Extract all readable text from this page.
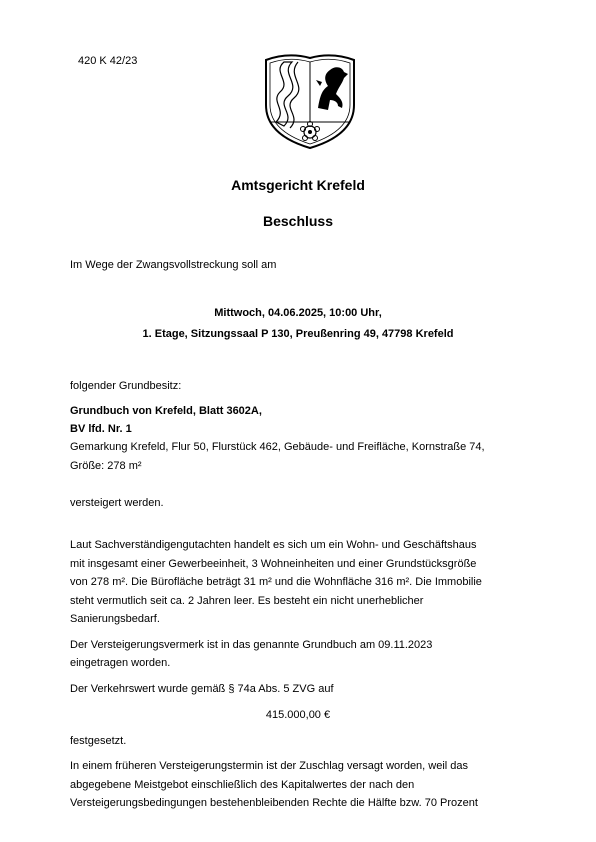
420 K 42/23
Amtsgericht Krefeld
Beschluss
Im Wege der Zwangsvollstreckung soll am
Mittwoch, 04.06.2025, 10:00 Uhr,
1. Etage, Sitzungssaal P 130, Preußenring 49, 47798 Krefeld
folgender Grundbesitz:
Grundbuch von Krefeld, Blatt 3602A,
BV lfd. Nr. 1
Gemarkung Krefeld, Flur 50, Flurstück 462, Gebäude- und Freifläche, Kornstraße 74,
Größe: 278 m²
versteigert werden.
Laut Sachverständigengutachten handelt es sich um ein Wohn- und Geschäftshaus
mit insgesamt einer Gewerbeeinheit, 3 Wohneinheiten und einer Grundstücksgröße
von 278 m². Die Bürofläche beträgt 31 m² und die Wohnfläche 316 m². Die Immobilie
steht vermutlich seit ca. 2 Jahren leer. Es besteht ein nicht unerheblicher
Sanierungsbedarf.
Der Versteigerungsvermerk ist in das genannte Grundbuch am 09.11.2023
eingetragen worden.
Der Verkehrswert wurde gemäß § 74a Abs. 5 ZVG auf
415.000,00 €
festgesetzt.
In einem früheren Versteigerungstermin ist der Zuschlag versagt worden, weil das
abgegebene Meistgebot einschließlich des Kapitalwertes der nach den
Versteigerungsbedingungen bestehenbleibenden Rechte die Hälfte bzw. 70 Prozent
